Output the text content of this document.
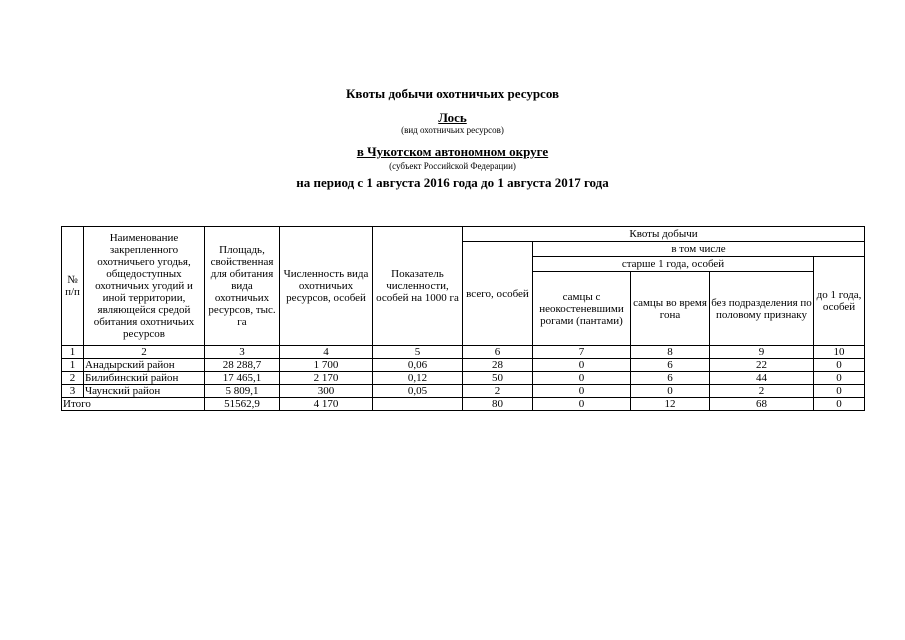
Квоты добычи охотничьих ресурсов
Лось
(вид охотничьих ресурсов)
в Чукотском автономном округе
(субъект Российской Федерации)
на период с 1 августа 2016 года до 1 августа 2017 года
№ п/п	Наименование закрепленного охотничьего угодья, общедоступных охотничьих угодий и иной территории, являющейся средой обитания охотничьих ресурсов	Площадь, свойственная для обитания вида охотничьих ресурсов, тыс. га	Численность вида охотничьих ресурсов, особей	Показатель численности, особей на 1000 га	Квоты добычи				
					всего, особей	в том числе			
						старше 1 года, особей			до 1 года, особей
						самцы с неокостеневшими рогами (пантами)	самцы во время гона	без подразделения по половому признаку	
1	2	3	4	5	6	7	8	9	10
1	Анадырский район	28 288,7	1 700	0,06	28	0	6	22	0
2	Билибинский район	17 465,1	2 170	0,12	50	0	6	44	0
3	Чаунский район	5 809,1	300	0,05	2	0	0	2	0
Итого		51562,9	4 170		80	0	12	68	0
